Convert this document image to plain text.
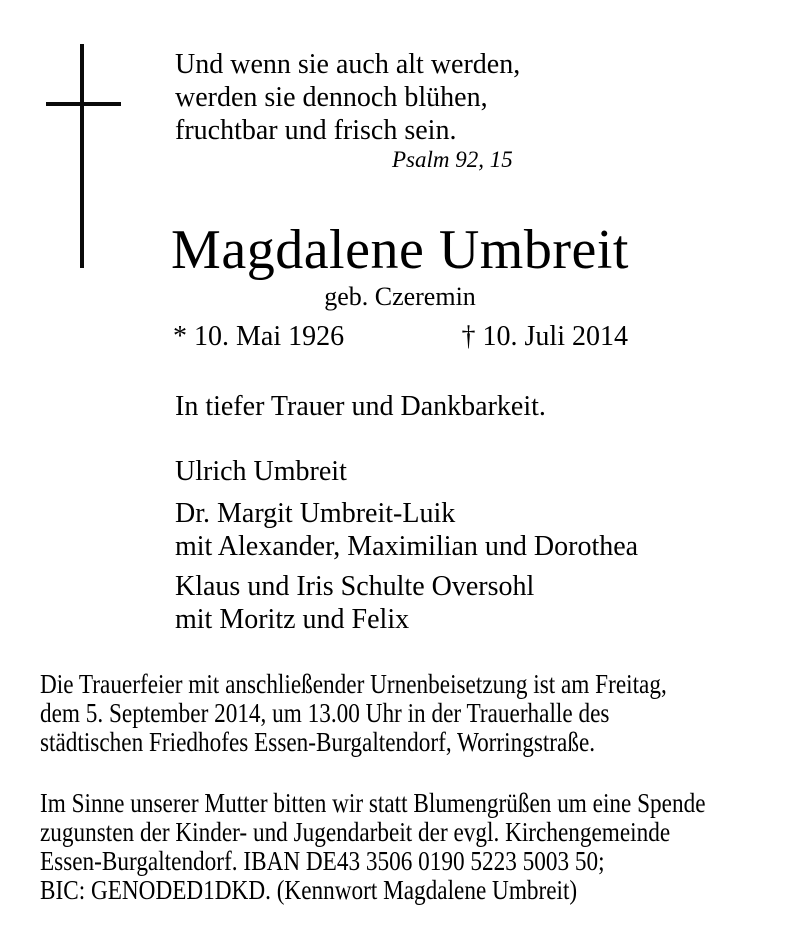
Und wenn sie auch alt werden,
werden sie dennoch blühen,
fruchtbar und frisch sein.
Psalm 92, 15
Magdalene Umbreit
geb. Czeremin
* 10. Mai 1926	† 10. Juli 2014
In tiefer Trauer und Dankbarkeit.
Ulrich Umbreit
Dr. Margit Umbreit-Luik
mit Alexander, Maximilian und Dorothea
Klaus und Iris Schulte Oversohl
mit Moritz und Felix
Die Trauerfeier mit anschließender Urnenbeisetzung ist am Freitag,
dem 5. September 2014, um 13.00 Uhr in der Trauerhalle des
städtischen Friedhofes Essen-Burgaltendorf, Worringstraße.
Im Sinne unserer Mutter bitten wir statt Blumengrüßen um eine Spende
zugunsten der Kinder- und Jugendarbeit der evgl. Kirchengemeinde
Essen-Burgaltendorf. IBAN DE43 3506 0190 5223 5003 50;
BIC: GENODED1DKD. (Kennwort Magdalene Umbreit)
